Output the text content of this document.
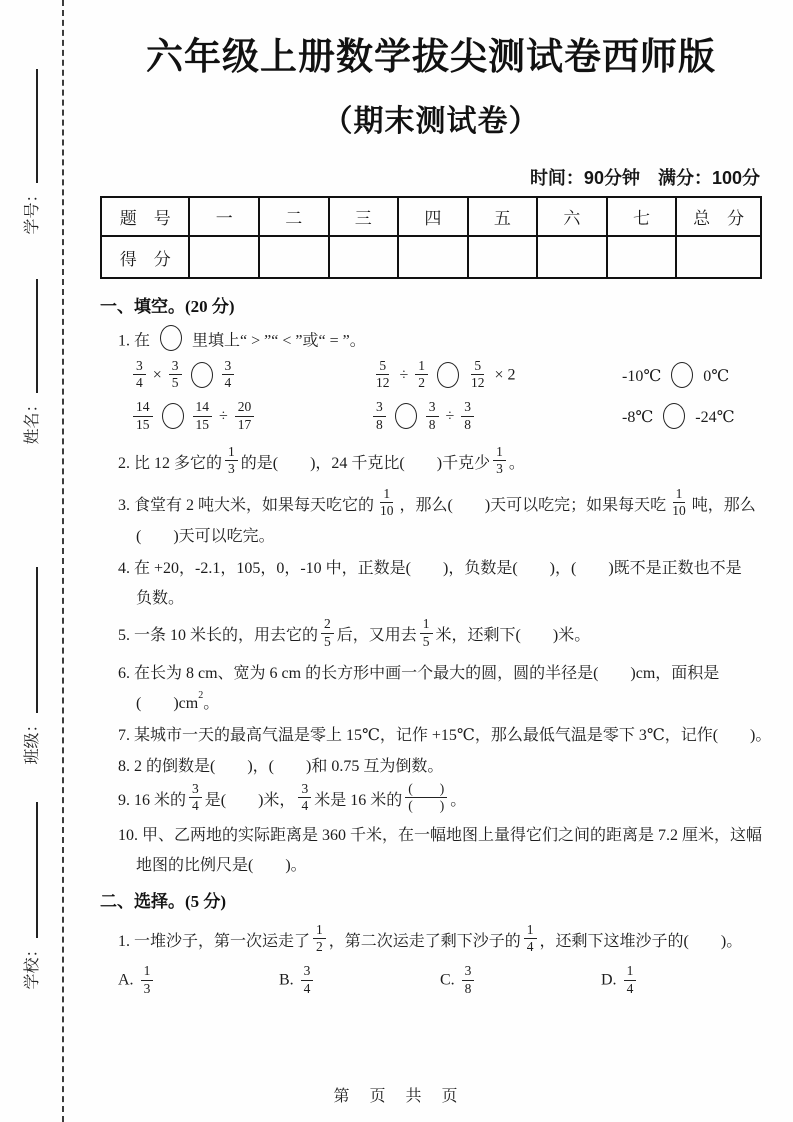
学号：
姓名：
班级：
学校：
六年级上册数学拔尖测试卷西师版
（期末测试卷）
时间：90分钟　满分：100分
题　号	一	二	三	四	五	六	七	总　分
得　分								
一、填空。(20 分)
1. 在  里填上“ > ”“ < ”或“ = ”。
$\frac{3}{4} \times \frac{3}{5}$	$\frac{3}{4}$	$\frac{5}{12} \div \frac{1}{2}$	$\frac{5}{12} \times 2$	-10℃  0℃
$\frac{14}{15}$	$\frac{14}{15} \div \frac{20}{17}$	$\frac{3}{8}$	$\frac{3}{8} \div \frac{3}{8}$	-8℃  -24℃
2. 比 12 多它的 $\frac{1}{3}$ 的是(　　)，24 千克比(　　)千克少 $\frac{1}{3}$ 。
3. 食堂有 2 吨大米，如果每天吃它的 $\frac{1}{10}$ ，那么(　　)天可以吃完；如果每天吃 $\frac{1}{10}$ 吨，那么
(　　)天可以吃完。
4. 在 +20，-2.1，105，0，-10 中，正数是(　　)，负数是(　　)，(　　)既不是正数也不是
负数。
5. 一条 10 米长的，用去它的 $\frac{2}{5}$ 后，又用去 $\frac{1}{5}$ 米，还剩下(　　)米。
6. 在长为 8 cm、宽为 6 cm 的长方形中画一个最大的圆，圆的半径是(　　)cm，面积是
(　　)$cm^2$。
7. 某城市一天的最高气温是零上 15℃，记作 +15℃，那么最低气温是零下 3℃，记作(　　)。
8. 2 的倒数是(　　)，(　　)和 0.75 互为倒数。
9. 16 米的 $\frac{3}{4}$ 是(　　)米， $\frac{3}{4}$ 米是 16 米的 $\frac{( )}{( )}$ 。
10. 甲、乙两地的实际距离是 360 千米，在一幅地图上量得它们之间的距离是 7.2 厘米，这幅
地图的比例尺是(　　)。
二、选择。(5 分)
1. 一堆沙子，第一次运走了 $\frac{1}{2}$ ，第二次运走了剩下沙子的 $\frac{1}{4}$ ，还剩下这堆沙子的(　　)。
A. $\frac{1}{3}$	B. $\frac{3}{4}$	C. $\frac{3}{8}$	D. $\frac{1}{4}$
第　页　共　页
